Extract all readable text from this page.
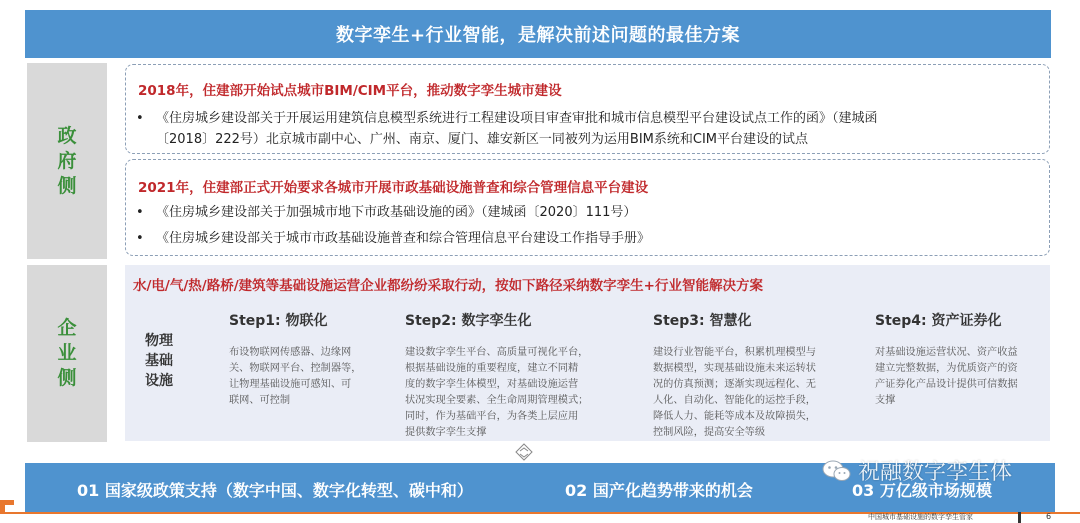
数字孪生+行业智能，是解决前述问题的最佳方案
政
府
侧
2018年，住建部开始试点城市BIM/CIM平台，推动数字孪生城市建设
• 《住房城乡建设部关于开展运用建筑信息模型系统进行工程建设项目审查审批和城市信息模型平台建设试点工作的函》（建城函
〔2018〕222号）北京城市副中心、广州、南京、厦门、雄安新区一同被列为运用BIM系统和CIM平台建设的试点
2021年，住建部正式开始要求各城市开展市政基础设施普查和综合管理信息平台建设
• 《住房城乡建设部关于加强城市地下市政基础设施的函》（建城函〔2020〕111号）
• 《住房城乡建设部关于城市市政基础设施普查和综合管理信息平台建设工作指导手册》
企
业
侧
水/电/气/热/路桥/建筑等基础设施运营企业都纷纷采取行动，按如下路径采纳数字孪生+行业智能解决方案
物理
基础
设施
Step1: 物联化
布设物联网传感器、边缘网
关、物联网平台、控制器等，
让物理基础设施可感知、可
联网、可控制
Step2: 数字孪生化
建设数字孪生平台、高质量可视化平台，
根据基础设施的重要程度，建立不同精
度的数字孪生体模型，对基础设施运营
状况实现全要素、全生命周期管理模式；
同时，作为基础平台，为各类上层应用
提供数字孪生支撑
Step3: 智慧化
建设行业智能平台，积累机理模型与
数据模型，实现基础设施未来运转状
况的仿真预测；逐渐实现远程化、无
人化、自动化、智能化的运控手段，
降低人力、能耗等成本及故障损失，
控制风险，提高安全等级
Step4: 资产证券化
对基础设施运营状况、资产收益
建立完整数据，为优质资产的资
产证券化产品设计提供可信数据
支撑
01 国家级政策支持（数字中国、数字化转型、碳中和）	02 国产化趋势带来的机会	03 万亿级市场规模
祝融数字孪生体
中国城市基础设施的数字孪生管家	6
